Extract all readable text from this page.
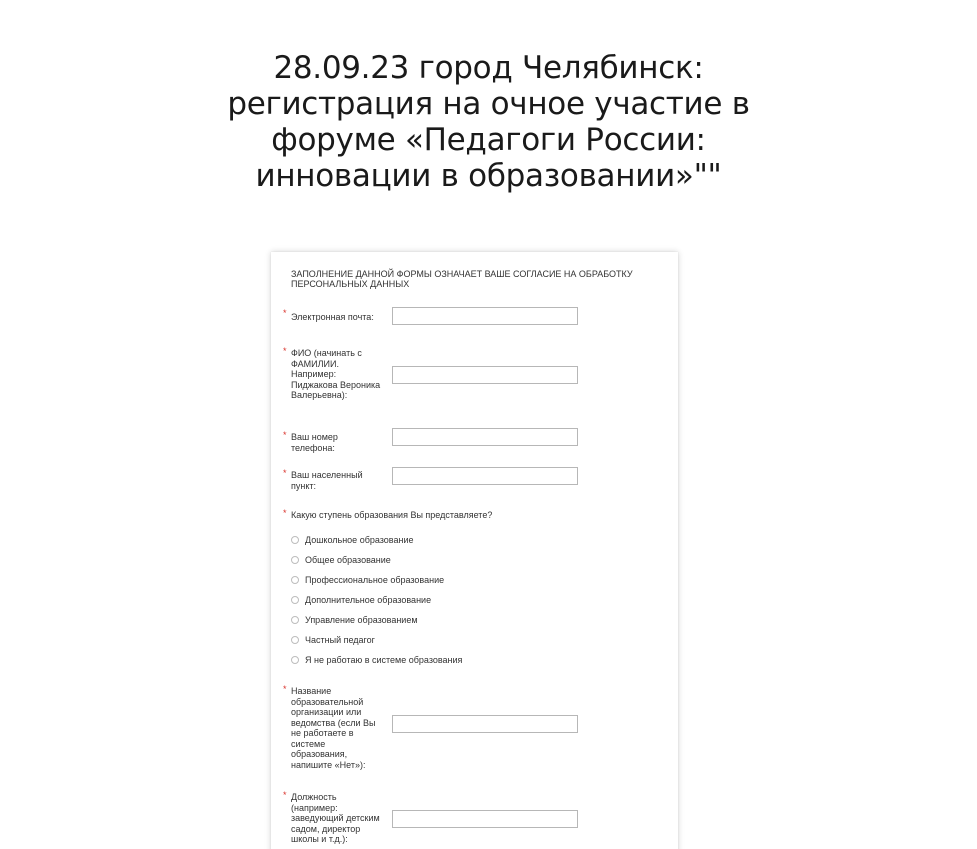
28.09.23 город Челябинск:
регистрация на очное участие в
форуме «Педагоги России:
инновации в образовании»""
ЗАПОЛНЕНИЕ ДАННОЙ ФОРМЫ ОЗНАЧАЕТ ВАШЕ СОГЛАСИЕ НА ОБРАБОТКУ ПЕРСОНАЛЬНЫХ ДАННЫХ
* Электронная почта:
* ФИО (начинать с ФАМИЛИИ. Например: Пиджакова Вероника Валерьевна):
* Ваш номер телефона:
* Ваш населенный пункт:
* Какую ступень образования Вы представляете?
Дошкольное образование
Общее образование
Профессиональное образование
Дополнительное образование
Управление образованием
Частный педагог
Я не работаю в системе образования
* Название образовательной организации или ведомства (если Вы не работаете в системе образования, напишите «Нет»):
* Должность (например: заведующий детским садом, директор школы и т.д.):
